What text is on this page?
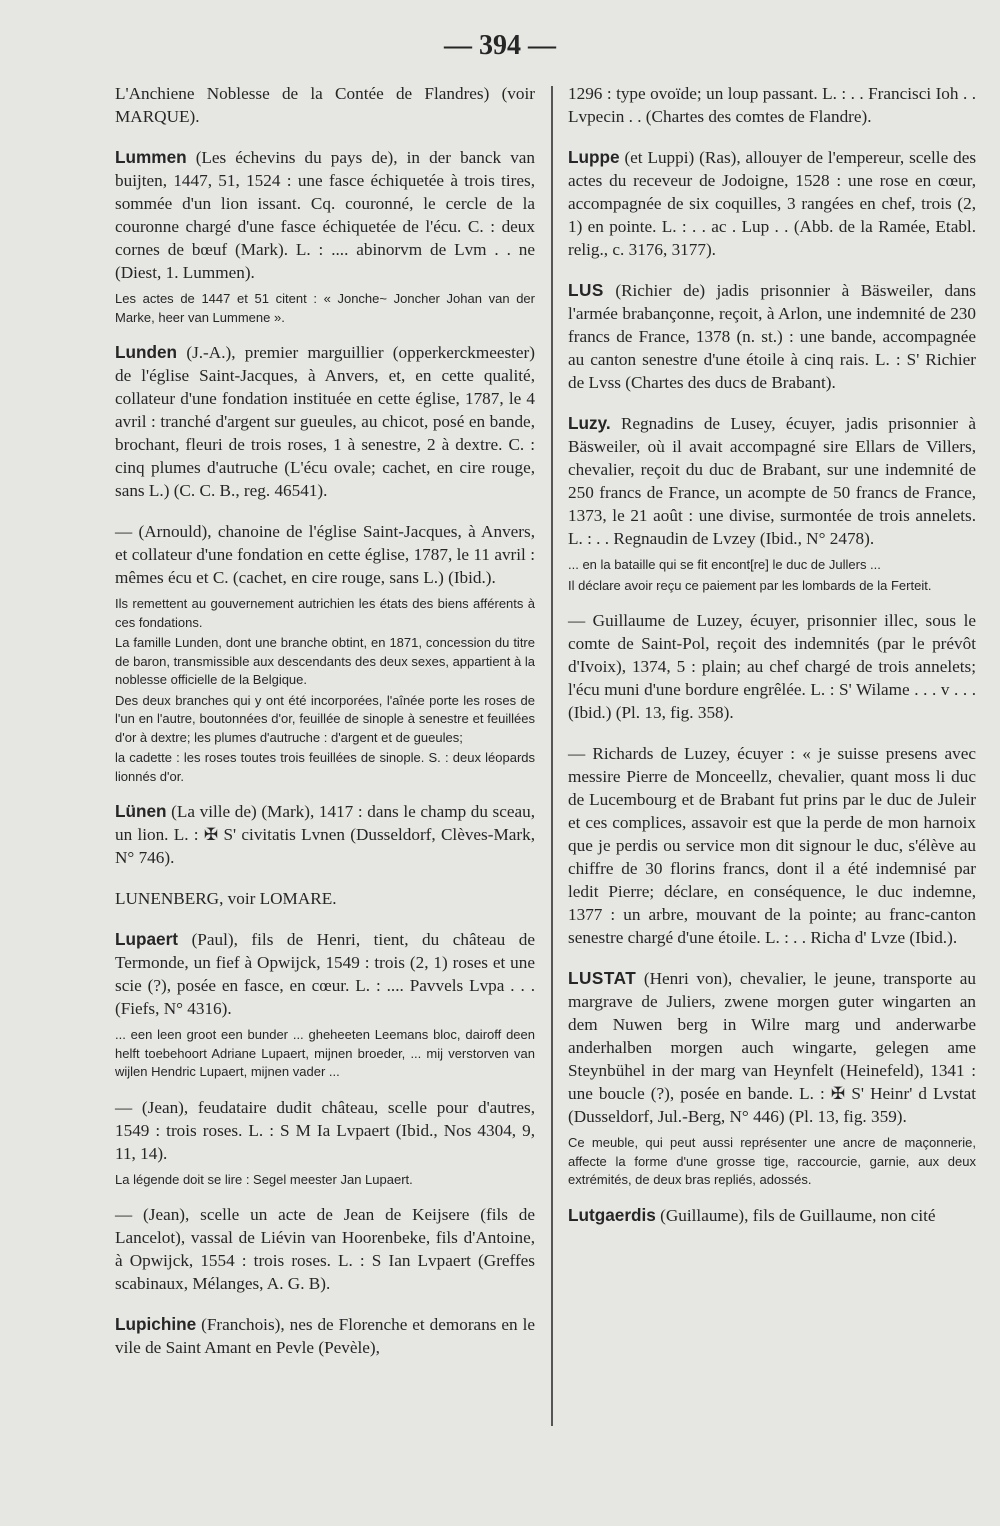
— 394 —

L'Anchiene Noblesse de la Contée de Flandres) (voir MARQUE).

Lummen (Les échevins du pays de), in der banck van buijten, 1447, 51, 1524 : une fasce échiquetée à trois tires, sommée d'un lion issant. Cq. couronné, le cercle de la couronne chargé d'une fasce échiquetée de l'écu. C. : deux cornes de bœuf (Mark). L. : .... abinorvm de Lvm . . ne (Diest, 1. Lummen).

Les actes de 1447 et 51 citent : « Jonche~ Joncher Johan van der Marke, heer van Lummene ».

Lunden (J.-A.), premier marguillier (opperkerckmeester) de l'église Saint-Jacques, à Anvers, et, en cette qualité, collateur d'une fondation instituée en cette église, 1787, le 4 avril : tranché d'argent sur gueules, au chicot, posé en bande, brochant, fleuri de trois roses, 1 à senestre, 2 à dextre. C. : cinq plumes d'autruche (L'écu ovale; cachet, en cire rouge, sans L.) (C. C. B., reg. 46541).

— (Arnould), chanoine de l'église Saint-Jacques, à Anvers, et collateur d'une fondation en cette église, 1787, le 11 avril : mêmes écu et C. (cachet, en cire rouge, sans L.) (Ibid.).

Ils remettent au gouvernement autrichien les états des biens afférents à ces fondations.
La famille Lunden, dont une branche obtint, en 1871, concession du titre de baron, transmissible aux descendants des deux sexes, appartient à la noblesse officielle de la Belgique.
Des deux branches qui y ont été incorporées, l'aînée porte les roses de l'un en l'autre, boutonnées d'or, feuillée de sinople à senestre et feuillées d'or à dextre; les plumes d'autruche : d'argent et de gueules;
la cadette : les roses toutes trois feuillées de sinople. S. : deux léopards lionnés d'or.

Lünen (La ville de) (Mark), 1417 : dans le champ du sceau, un lion. L. : ✠ S' civitatis Lvnen (Dusseldorf, Clèves-Mark, N° 746).

LUNENBERG, voir LOMARE.

Lupaert (Paul), fils de Henri, tient, du château de Termonde, un fief à Opwijck, 1549 : trois (2, 1) roses et une scie (?), posée en fasce, en cœur. L. : .... Pavvels Lvpa . . . (Fiefs, N° 4316).

... een leen groot een bunder ... gheheeten Leemans bloc, dairoff deen helft toebehoort Adriane Lupaert, mijnen broeder, ... mij verstorven van wijlen Hendric Lupaert, mijnen vader ...

— (Jean), feudataire dudit château, scelle pour d'autres, 1549 : trois roses. L. : S M Ia Lvpaert (Ibid., Nos 4304, 9, 11, 14).

La légende doit se lire : Segel meester Jan Lupaert.

— (Jean), scelle un acte de Jean de Keijsere (fils de Lancelot), vassal de Liévin van Hoorenbeke, fils d'Antoine, à Opwijck, 1554 : trois roses. L. : S Ian Lvpaert (Greffes scabinaux, Mélanges, A. G. B).

Lupichine (Franchois), nes de Florenche et demorans en le vile de Saint Amant en Pevle (Pevèle),

1296 : type ovoïde; un loup passant. L. : . . Francisci Ioh . . Lvpecin . . (Chartes des comtes de Flandre).

Luppe (et Luppi) (Ras), allouyer de l'empereur, scelle des actes du receveur de Jodoigne, 1528 : une rose en cœur, accompagnée de six coquilles, 3 rangées en chef, trois (2, 1) en pointe. L. : . . ac . Lup . . (Abb. de la Ramée, Etabl. relig., c. 3176, 3177).

LUS (Richier de) jadis prisonnier à Bäsweiler, dans l'armée brabançonne, reçoit, à Arlon, une indemnité de 230 francs de France, 1378 (n. st.) : une bande, accompagnée au canton senestre d'une étoile à cinq rais. L. : S' Richier de Lvss (Chartes des ducs de Brabant).

Luzy. Regnadins de Lusey, écuyer, jadis prisonnier à Bäsweiler, où il avait accompagné sire Ellars de Villers, chevalier, reçoit du duc de Brabant, sur une indemnité de 250 francs de France, un acompte de 50 francs de France, 1373, le 21 août : une divise, surmontée de trois annelets. L. : . . Regnaudin de Lvzey (Ibid., N° 2478).

... en la bataille qui se fit encont[re] le duc de Jullers ...
Il déclare avoir reçu ce paiement par les lombards de la Ferteit.

— Guillaume de Luzey, écuyer, prisonnier illec, sous le comte de Saint-Pol, reçoit des indemnités (par le prévôt d'Ivoix), 1374, 5 : plain; au chef chargé de trois annelets; l'écu muni d'une bordure engrêlée. L. : S' Wilame . . . v . . . (Ibid.) (Pl. 13, fig. 358).

— Richards de Luzey, écuyer : « je suisse presens avec messire Pierre de Monceellz, chevalier, quant moss li duc de Lucembourg et de Brabant fut prins par le duc de Juleir et ces complices, assavoir est que la perde de mon harnoix que je perdis ou service mon dit signour le duc, s'élève au chiffre de 30 florins francs, dont il a été indemnisé par ledit Pierre; déclare, en conséquence, le duc indemne, 1377 : un arbre, mouvant de la pointe; au franc-canton senestre chargé d'une étoile. L. : . . Richa d' Lvze (Ibid.).

LUSTAT (Henri von), chevalier, le jeune, transporte au margrave de Juliers, zwene morgen guter wingarten an dem Nuwen berg in Wilre marg und anderwarbe anderhalben morgen auch wingarte, gelegen ame Steynbühel in der marg van Heynfelt (Heinefeld), 1341 : une boucle (?), posée en bande. L. : ✠ S' Heinr' d Lvstat (Dusseldorf, Jul.-Berg, N° 446) (Pl. 13, fig. 359).

Ce meuble, qui peut aussi représenter une ancre de maçonnerie, affecte la forme d'une grosse tige, raccourcie, garnie, aux deux extrémités, de deux bras repliés, adossés.

Lutgaerdis (Guillaume), fils de Guillaume, non cité
